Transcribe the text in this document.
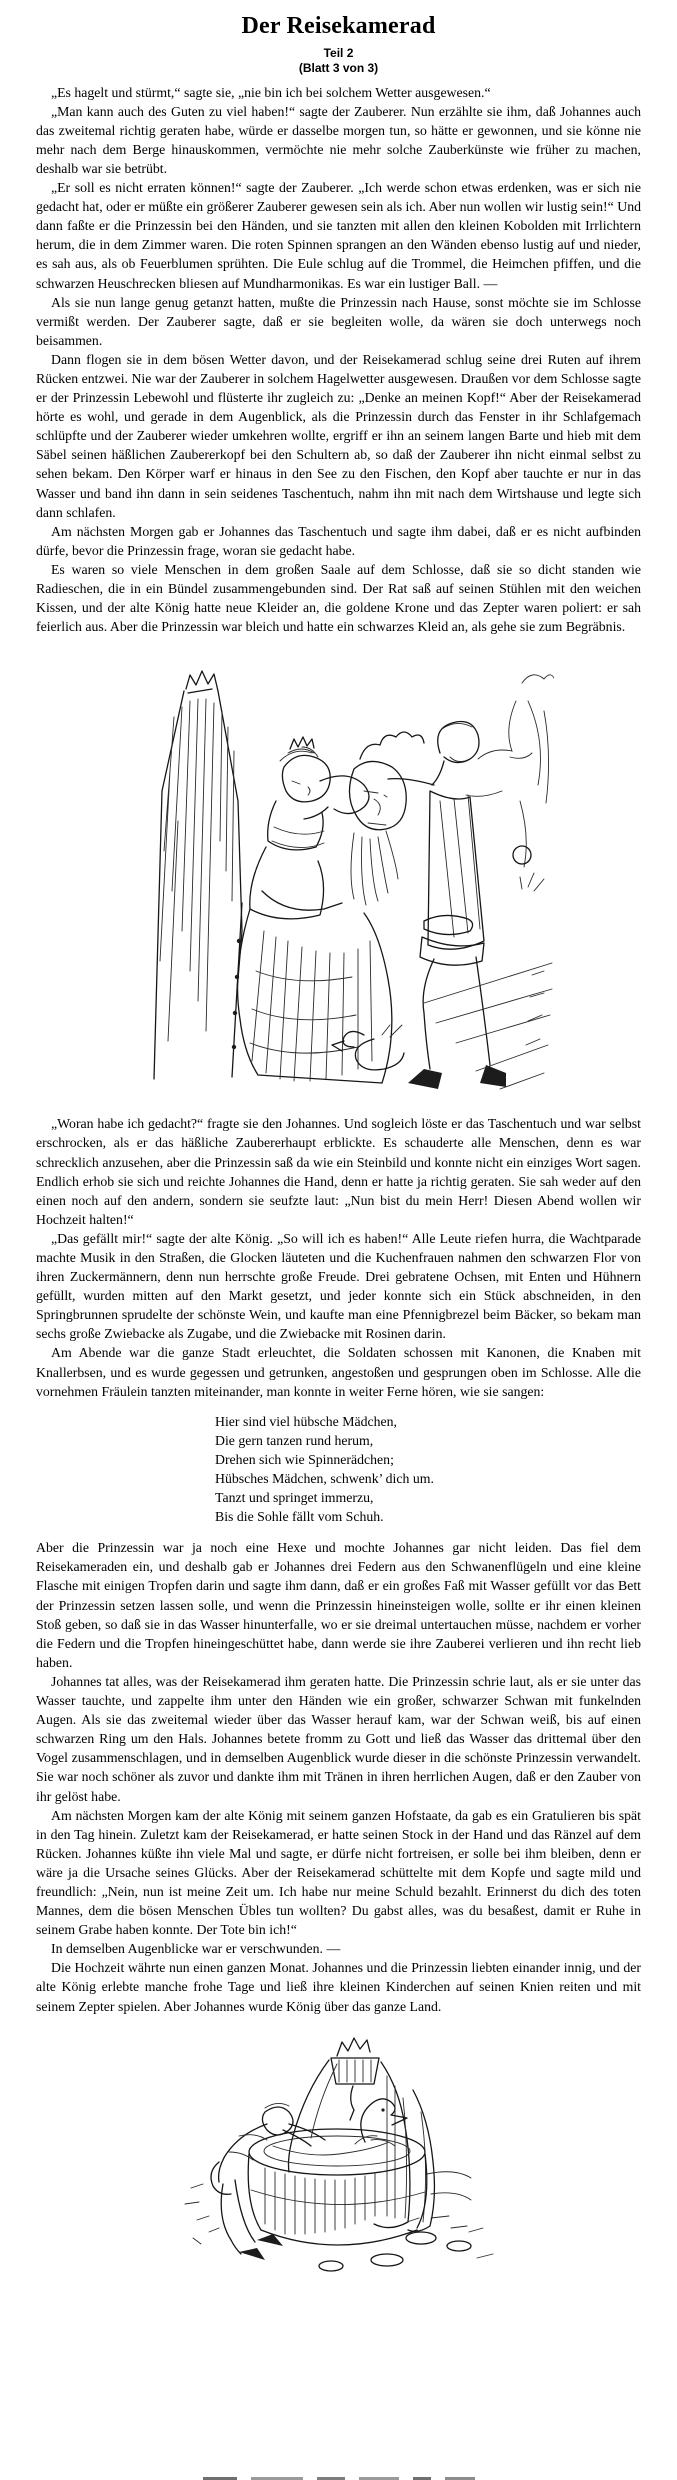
Der Reisekamerad
Teil 2
(Blatt 3 von 3)

„Es hagelt und stürmt,“ sagte sie, „nie bin ich bei solchem Wetter ausgewesen.“

„Man kann auch des Guten zu viel haben!“ sagte der Zauberer. Nun erzählte sie ihm, daß Johannes auch das zweitemal richtig geraten habe, würde er dasselbe morgen tun, so hätte er gewonnen, und sie könne nie mehr nach dem Berge hinauskommen, vermöchte nie mehr solche Zauberkünste wie früher zu machen, deshalb war sie betrübt.

„Er soll es nicht erraten können!“ sagte der Zauberer. „Ich werde schon etwas erdenken, was er sich nie gedacht hat, oder er müßte ein größerer Zauberer gewesen sein als ich. Aber nun wollen wir lustig sein!“ Und dann faßte er die Prinzessin bei den Händen, und sie tanzten mit allen den kleinen Kobolden mit Irrlichtern herum, die in dem Zimmer waren. Die roten Spinnen sprangen an den Wänden ebenso lustig auf und nieder, es sah aus, als ob Feuerblumen sprühten. Die Eule schlug auf die Trommel, die Heimchen pfiffen, und die schwarzen Heuschrecken bliesen auf Mundharmonikas. Es war ein lustiger Ball. —

Als sie nun lange genug getanzt hatten, mußte die Prinzessin nach Hause, sonst möchte sie im Schlosse vermißt werden. Der Zauberer sagte, daß er sie begleiten wolle, da wären sie doch unterwegs noch beisammen.

Dann flogen sie in dem bösen Wetter davon, und der Reisekamerad schlug seine drei Ruten auf ihrem Rücken entzwei. Nie war der Zauberer in solchem Hagelwetter ausgewesen. Draußen vor dem Schlosse sagte er der Prinzessin Lebewohl und flüsterte ihr zugleich zu: „Denke an meinen Kopf!“ Aber der Reisekamerad hörte es wohl, und gerade in dem Augenblick, als die Prinzessin durch das Fenster in ihr Schlafgemach schlüpfte und der Zauberer wieder umkehren wollte, ergriff er ihn an seinem langen Barte und hieb mit dem Säbel seinen häßlichen Zaubererkopf bei den Schultern ab, so daß der Zauberer ihn nicht einmal selbst zu sehen bekam. Den Körper warf er hinaus in den See zu den Fischen, den Kopf aber tauchte er nur in das Wasser und band ihn dann in sein seidenes Taschentuch, nahm ihn mit nach dem Wirtshause und legte sich dann schlafen.

Am nächsten Morgen gab er Johannes das Taschentuch und sagte ihm dabei, daß er es nicht aufbinden dürfe, bevor die Prinzessin frage, woran sie gedacht habe.

Es waren so viele Menschen in dem großen Saale auf dem Schlosse, daß sie so dicht standen wie Radieschen, die in ein Bündel zusammengebunden sind. Der Rat saß auf seinen Stühlen mit den weichen Kissen, und der alte König hatte neue Kleider an, die goldene Krone und das Zepter waren poliert: er sah feierlich aus. Aber die Prinzessin war bleich und hatte ein schwarzes Kleid an, als gehe sie zum Begräbnis.

„Woran habe ich gedacht?“ fragte sie den Johannes. Und sogleich löste er das Taschentuch und war selbst erschrocken, als er das häßliche Zaubererhaupt erblickte. Es schauderte alle Menschen, denn es war schrecklich anzusehen, aber die Prinzessin saß da wie ein Steinbild und konnte nicht ein einziges Wort sagen. Endlich erhob sie sich und reichte Johannes die Hand, denn er hatte ja richtig geraten. Sie sah weder auf den einen noch auf den andern, sondern sie seufzte laut: „Nun bist du mein Herr! Diesen Abend wollen wir Hochzeit halten!“

„Das gefällt mir!“ sagte der alte König. „So will ich es haben!“ Alle Leute riefen hurra, die Wachtparade machte Musik in den Straßen, die Glocken läuteten und die Kuchenfrauen nahmen den schwarzen Flor von ihren Zuckermännern, denn nun herrschte große Freude. Drei gebratene Ochsen, mit Enten und Hühnern gefüllt, wurden mitten auf den Markt gesetzt, und jeder konnte sich ein Stück abschneiden, in den Springbrunnen sprudelte der schönste Wein, und kaufte man eine Pfennigbrezel beim Bäcker, so bekam man sechs große Zwiebacke als Zugabe, und die Zwiebacke mit Rosinen darin.

Am Abende war die ganze Stadt erleuchtet, die Soldaten schossen mit Kanonen, die Knaben mit Knallerbsen, und es wurde gegessen und getrunken, angestoßen und gesprungen oben im Schlosse. Alle die vornehmen Fräulein tanzten miteinander, man konnte in weiter Ferne hören, wie sie sangen:

Hier sind viel hübsche Mädchen,
Die gern tanzen rund herum,
Drehen sich wie Spinnerädchen;
Hübsches Mädchen, schwenk’ dich um.
Tanzt und springet immerzu,
Bis die Sohle fällt vom Schuh.

Aber die Prinzessin war ja noch eine Hexe und mochte Johannes gar nicht leiden. Das fiel dem Reisekameraden ein, und deshalb gab er Johannes drei Federn aus den Schwanenflügeln und eine kleine Flasche mit einigen Tropfen darin und sagte ihm dann, daß er ein großes Faß mit Wasser gefüllt vor das Bett der Prinzessin setzen lassen solle, und wenn die Prinzessin hineinsteigen wolle, sollte er ihr einen kleinen Stoß geben, so daß sie in das Wasser hinunterfalle, wo er sie dreimal untertauchen müsse, nachdem er vorher die Federn und die Tropfen hineingeschüttet habe, dann werde sie ihre Zauberei verlieren und ihn recht lieb haben.

Johannes tat alles, was der Reisekamerad ihm geraten hatte. Die Prinzessin schrie laut, als er sie unter das Wasser tauchte, und zappelte ihm unter den Händen wie ein großer, schwarzer Schwan mit funkelnden Augen. Als sie das zweitemal wieder über das Wasser herauf kam, war der Schwan weiß, bis auf einen schwarzen Ring um den Hals. Johannes betete fromm zu Gott und ließ das Wasser das drittemal über den Vogel zusammenschlagen, und in demselben Augenblick wurde dieser in die schönste Prinzessin verwandelt. Sie war noch schöner als zuvor und dankte ihm mit Tränen in ihren herrlichen Augen, daß er den Zauber von ihr gelöst habe.

Am nächsten Morgen kam der alte König mit seinem ganzen Hofstaate, da gab es ein Gratulieren bis spät in den Tag hinein. Zuletzt kam der Reisekamerad, er hatte seinen Stock in der Hand und das Ränzel auf dem Rücken. Johannes küßte ihn viele Mal und sagte, er dürfe nicht fortreisen, er solle bei ihm bleiben, denn er wäre ja die Ursache seines Glücks. Aber der Reisekamerad schüttelte mit dem Kopfe und sagte mild und freundlich: „Nein, nun ist meine Zeit um. Ich habe nur meine Schuld bezahlt. Erinnerst du dich des toten Mannes, dem die bösen Menschen Übles tun wollten? Du gabst alles, was du besaßest, damit er Ruhe in seinem Grabe haben konnte. Der Tote bin ich!“

In demselben Augenblicke war er verschwunden. —

Die Hochzeit währte nun einen ganzen Monat. Johannes und die Prinzessin liebten einander innig, und der alte König erlebte manche frohe Tage und ließ ihre kleinen Kinderchen auf seinen Knien reiten und mit seinem Zepter spielen. Aber Johannes wurde König über das ganze Land.
